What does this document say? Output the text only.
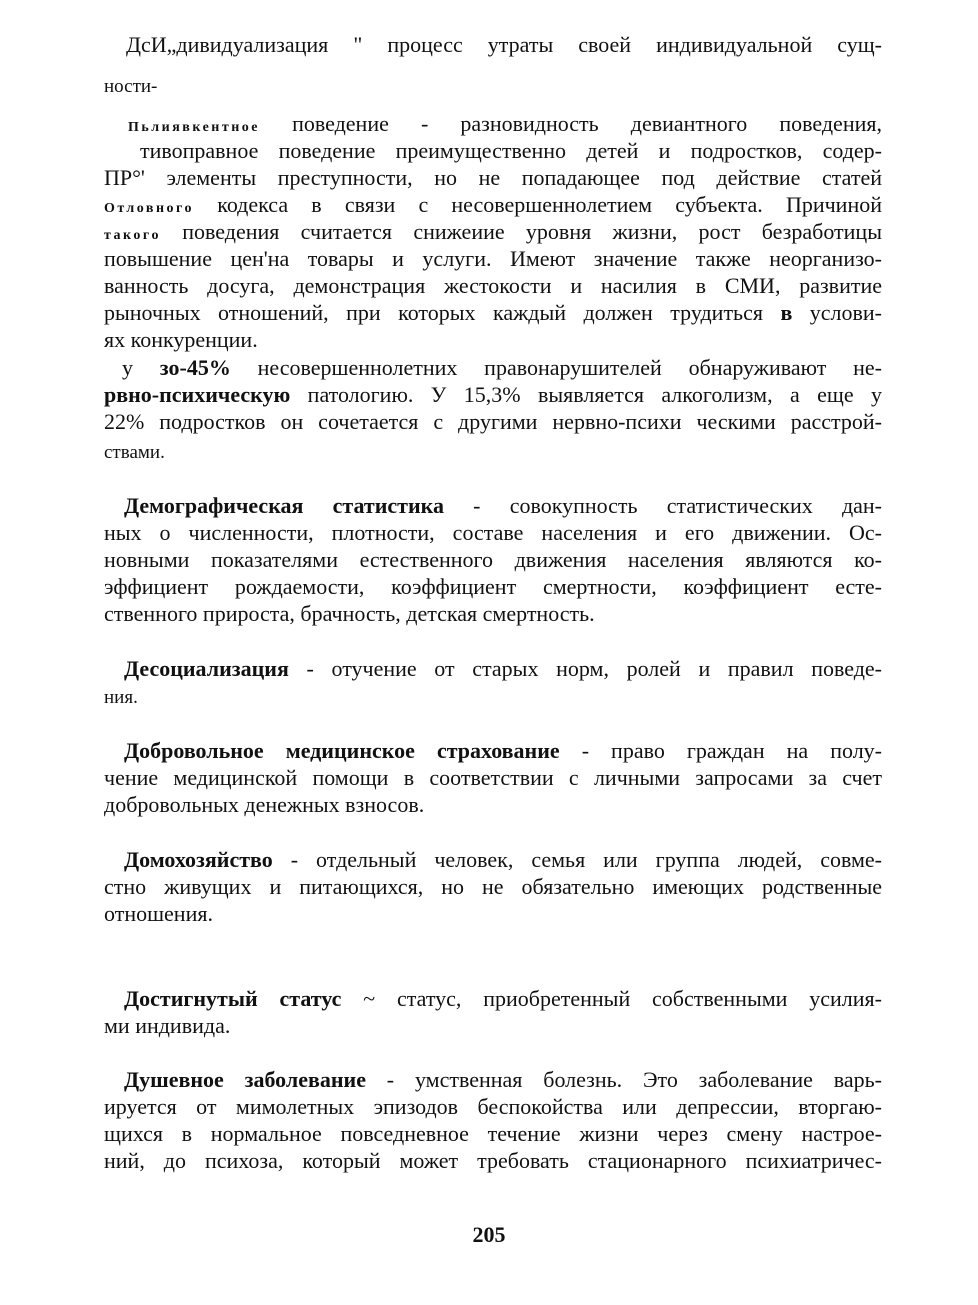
ДсИ„дивидуализация " процесс утраты своей индивидуальной сущ-
ности-
Пьлиявкентное поведение - разновидность девиантного поведения,
тивоправное поведение преимущественно детей и подростков, содер-
ПР°' элементы преступности, но не попадающее под действие статей
Отловного кодекса в связи с несовершеннолетием субъекта. Причиной
такого поведения считается снижеиие уровня жизни, рост безработицы
повышение цен'на товары и услуги. Имеют значение также неорганизо-
ванность досуга, демонстрация жестокости и насилия в СМИ, развитие
рыночных отношений, при которых каждый должен трудиться в услови-
ях конкуренции.
у зо-45% несовершеннолетних правонарушителей обнаруживают не-
рвно-психическую патологию. У 15,3% выявляется алкоголизм, а еще у
22% подростков он сочетается с другими нервно-психи ческими расстрой-
ствами.
Демографическая статистика - совокупность статистических дан-
ных о численности, плотности, составе населения и его движении. Ос-
новными показателями естественного движения населения являются ко-
эффициент рождаемости, коэффициент смертности, коэффициент есте-
ственного прироста, брачность, детская смертность.
Десоциализация - отучение от старых норм, ролей и правил поведе-
ния.
Добровольное медицинское страхование - право граждан на полу-
чение медицинской помощи в соответствии с личными запросами за счет
добровольных денежных взносов.
Домохозяйство - отдельный человек, семья или группа людей, совме-
стно живущих и питающихся, но не обязательно имеющих родственные
отношения.
Достигнутый статус ~ статус, приобретенный собственными усилия-
ми индивида.
Душевное заболевание - умственная болезнь. Это заболевание варь-
ируется от мимолетных эпизодов беспокойства или депрессии, вторгаю-
щихся в нормальное повседневное течение жизни через смену настрое-
ний, до психоза, который может требовать стационарного психиатричес-
205
